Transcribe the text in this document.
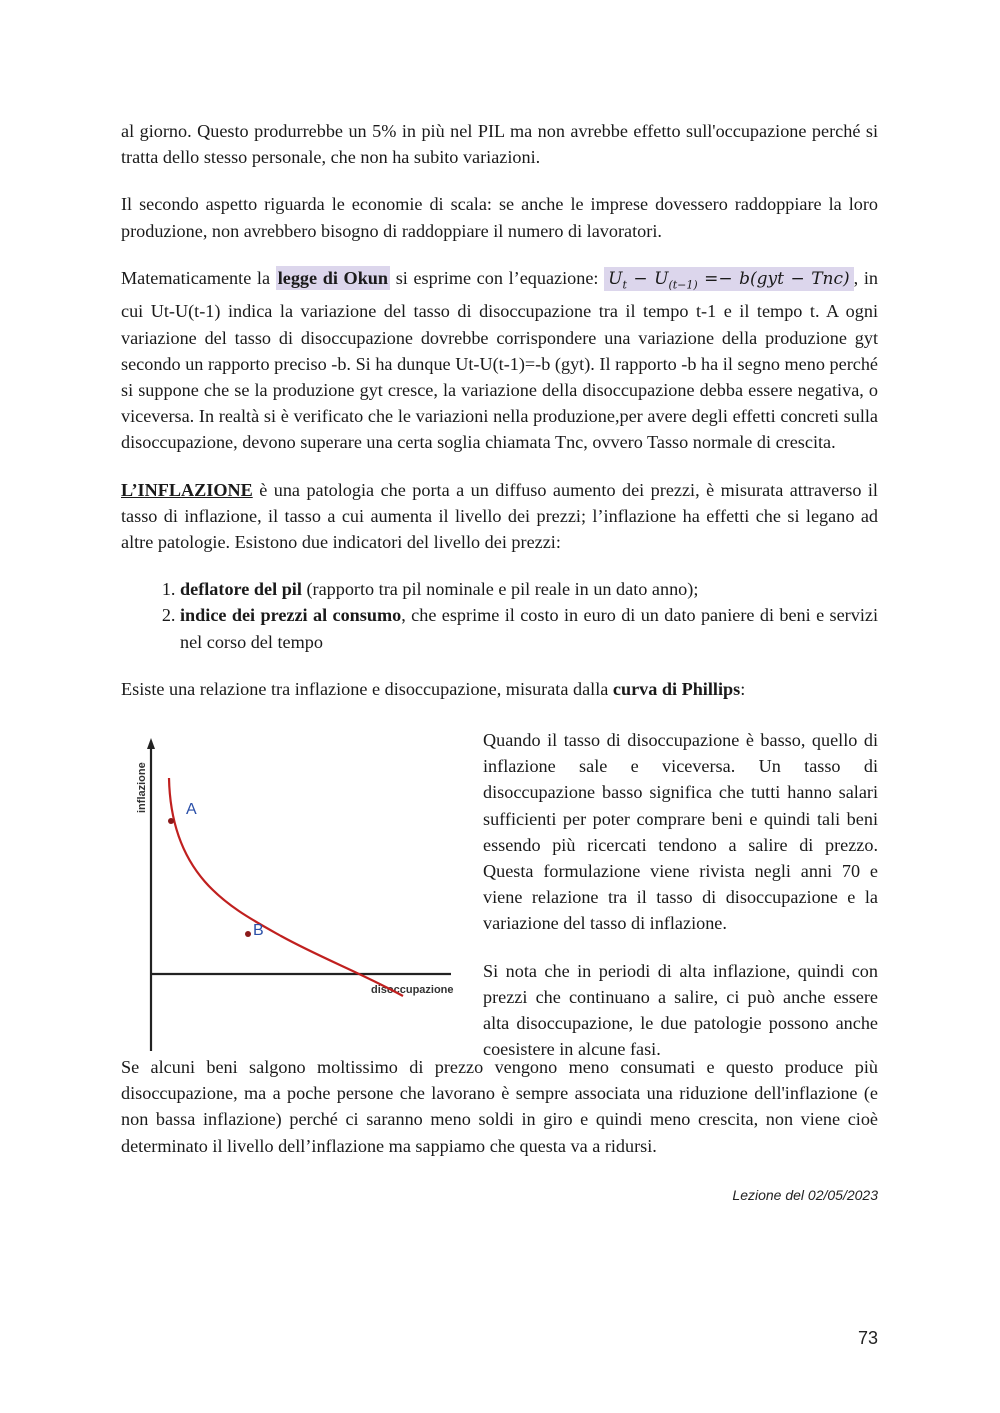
al giorno. Questo produrrebbe un 5% in più nel PIL ma non avrebbe effetto sull'occupazione perché si tratta dello stesso personale, che non ha subito variazioni.

Il secondo aspetto riguarda le economie di scala: se anche le imprese dovessero raddoppiare la loro produzione, non avrebbero bisogno di raddoppiare il numero di lavoratori.

Matematicamente la legge di Okun si esprime con l’equazione: $U_t - U_{(t-1)} =- b(gyt - Tnc)$ , in cui Ut-U(t-1) indica la variazione del tasso di disoccupazione tra il tempo t-1 e il tempo t. A ogni variazione del tasso di disoccupazione dovrebbe corrispondere una variazione della produzione gyt secondo un rapporto preciso -b. Si ha dunque Ut-U(t-1)=-b (gyt). Il rapporto -b ha il segno meno perché si suppone che se la produzione gyt cresce, la variazione della disoccupazione debba essere negativa, o viceversa. In realtà si è verificato che le variazioni nella produzione,per avere degli effetti concreti sulla disoccupazione, devono superare una certa soglia chiamata Tnc, ovvero Tasso normale di crescita.

L’INFLAZIONE è una patologia che porta a un diffuso aumento dei prezzi, è misurata attraverso il tasso di inflazione, il tasso a cui aumenta il livello dei prezzi; l’inflazione ha effetti che si legano ad altre patologie. Esistono due indicatori del livello dei prezzi:

1. deflatore del pil (rapporto tra pil nominale e pil reale in un dato anno);
2. indice dei prezzi al consumo, che esprime il costo in euro di un dato paniere di beni e servizi nel corso del tempo

Esiste una relazione tra inflazione e disoccupazione, misurata dalla curva di Phillips:

inflazione
disoccupazione
A
B

Quando il tasso di disoccupazione è basso, quello di inflazione sale e viceversa. Un tasso di disoccupazione basso significa che tutti hanno salari sufficienti per poter comprare beni e quindi tali beni essendo più ricercati tendono a salire di prezzo. Questa formulazione viene rivista negli anni 70 e viene relazione tra il tasso di disoccupazione e la variazione del tasso di inflazione.

Si nota che in periodi di alta inflazione, quindi con prezzi che continuano a salire, ci può anche essere alta disoccupazione, le due patologie possono anche coesistere in alcune fasi.

Se alcuni beni salgono moltissimo di prezzo vengono meno consumati e questo produce più disoccupazione, ma a poche persone che lavorano è sempre associata una riduzione dell'inflazione (e non bassa inflazione) perché ci saranno meno soldi in giro e quindi meno crescita, non viene cioè determinato il livello dell’inflazione ma sappiamo che questa va a ridursi.

Lezione del 02/05/2023
73
